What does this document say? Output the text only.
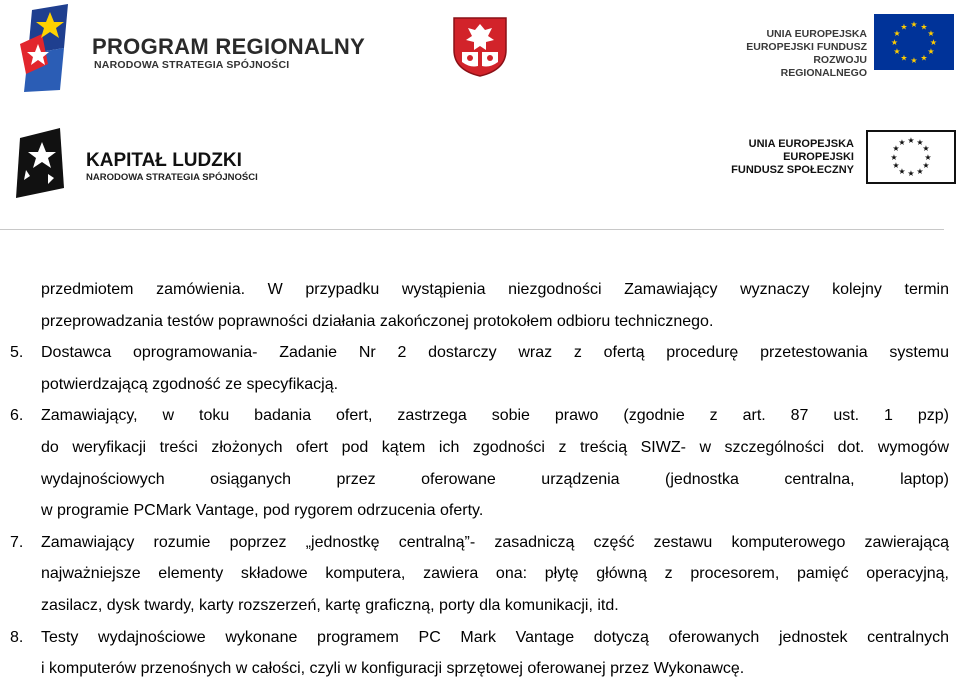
PROGRAM REGIONALNY
NARODOWA STRATEGIA SPÓJNOŚCI
UNIA EUROPEJSKA
EUROPEJSKI FUNDUSZ
ROZWOJU REGIONALNEGO
★ ★
★
★
★
★
★
★
★
★
★
★
KAPITAŁ LUDZKI
NARODOWA STRATEGIA SPÓJNOŚCI
UNIA EUROPEJSKA
EUROPEJSKI
FUNDUSZ SPOŁECZNY
★ ★
★
★
★
★
★
★
★
★
★
★
przedmiotem zamówienia. W przypadku wystąpienia niezgodności Zamawiający wyznaczy kolejny termin
przeprowadzania testów poprawności działania zakończonej protokołem odbioru technicznego.
5.	Dostawca oprogramowania- Zadanie Nr 2 dostarczy wraz z ofertą procedurę przetestowania systemu
potwierdzającą zgodność ze specyfikacją.
6.	Zamawiający, w toku badania ofert, zastrzega sobie prawo (zgodnie z art. 87 ust. 1 pzp)
do weryfikacji treści złożonych ofert pod kątem ich zgodności z treścią SIWZ- w szczególności dot. wymogów
wydajnościowych osiąganych przez oferowane urządzenia (jednostka centralna, laptop)
w programie PCMark Vantage, pod rygorem odrzucenia oferty.
7.	Zamawiający rozumie poprzez „jednostkę centralną”- zasadniczą część zestawu komputerowego zawierającą
najważniejsze elementy składowe komputera, zawiera ona: płytę główną z procesorem, pamięć operacyjną,
zasilacz, dysk twardy, karty rozszerzeń, kartę graficzną, porty dla komunikacji, itd.
8.	Testy wydajnościowe wykonane programem PC Mark Vantage dotyczą oferowanych jednostek centralnych
i komputerów przenośnych w całości, czyli w konfiguracji sprzętowej oferowanej przez Wykonawcę.
